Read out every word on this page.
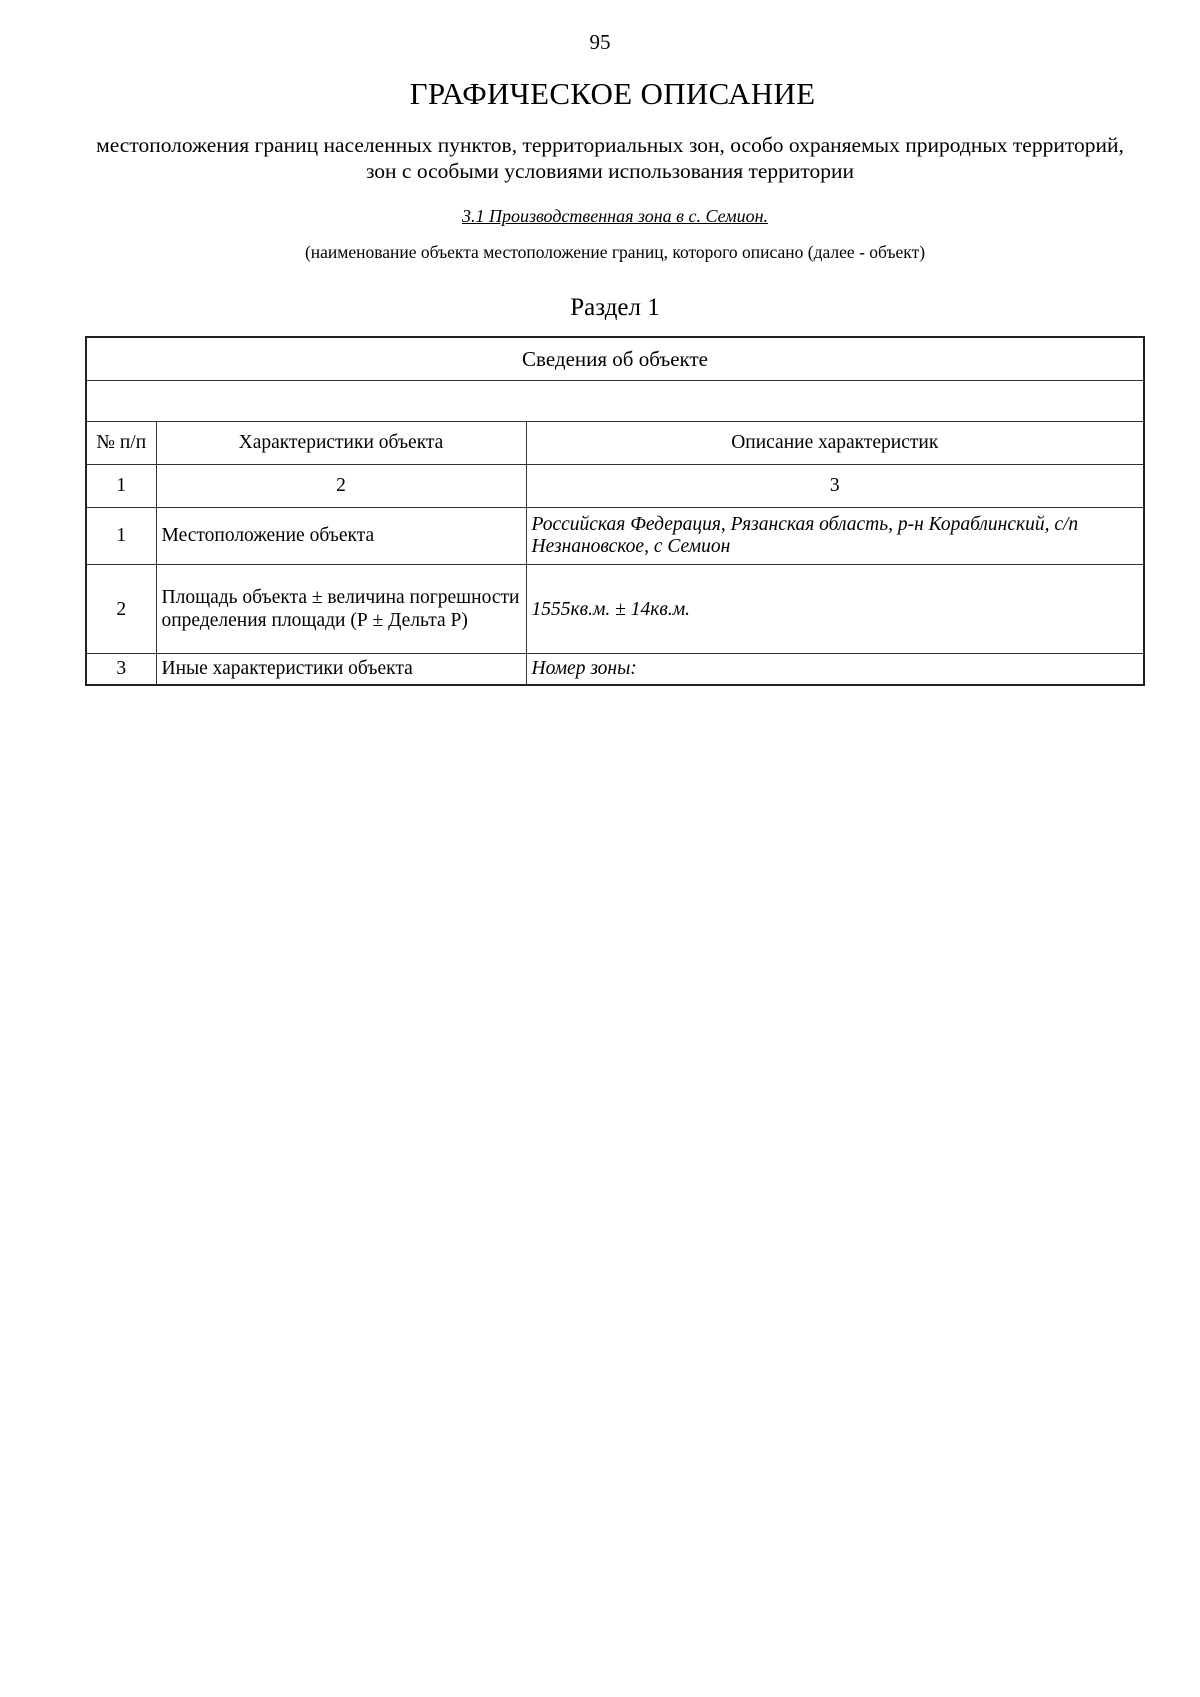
95
ГРАФИЧЕСКОЕ ОПИСАНИЕ
местоположения границ населенных пунктов, территориальных зон, особо охраняемых природных территорий, зон с особыми условиями использования территории
3.1 Производственная зона в с. Семион.
(наименование объекта местоположение границ, которого описано (далее - объект)
Раздел 1
Сведения об объекте		

№ п/п	Характеристики объекта	Описание характеристик
1	2	3
1	Местоположение объекта	Российская Федерация, Рязанская область, р-н Кораблинский, с/п Незнановское, с Семион
2	Площадь объекта ± величина погрешности определения площади (Р ± Дельта Р)	1555кв.м. ± 14кв.м.
3	Иные характеристики объекта	Номер зоны:
